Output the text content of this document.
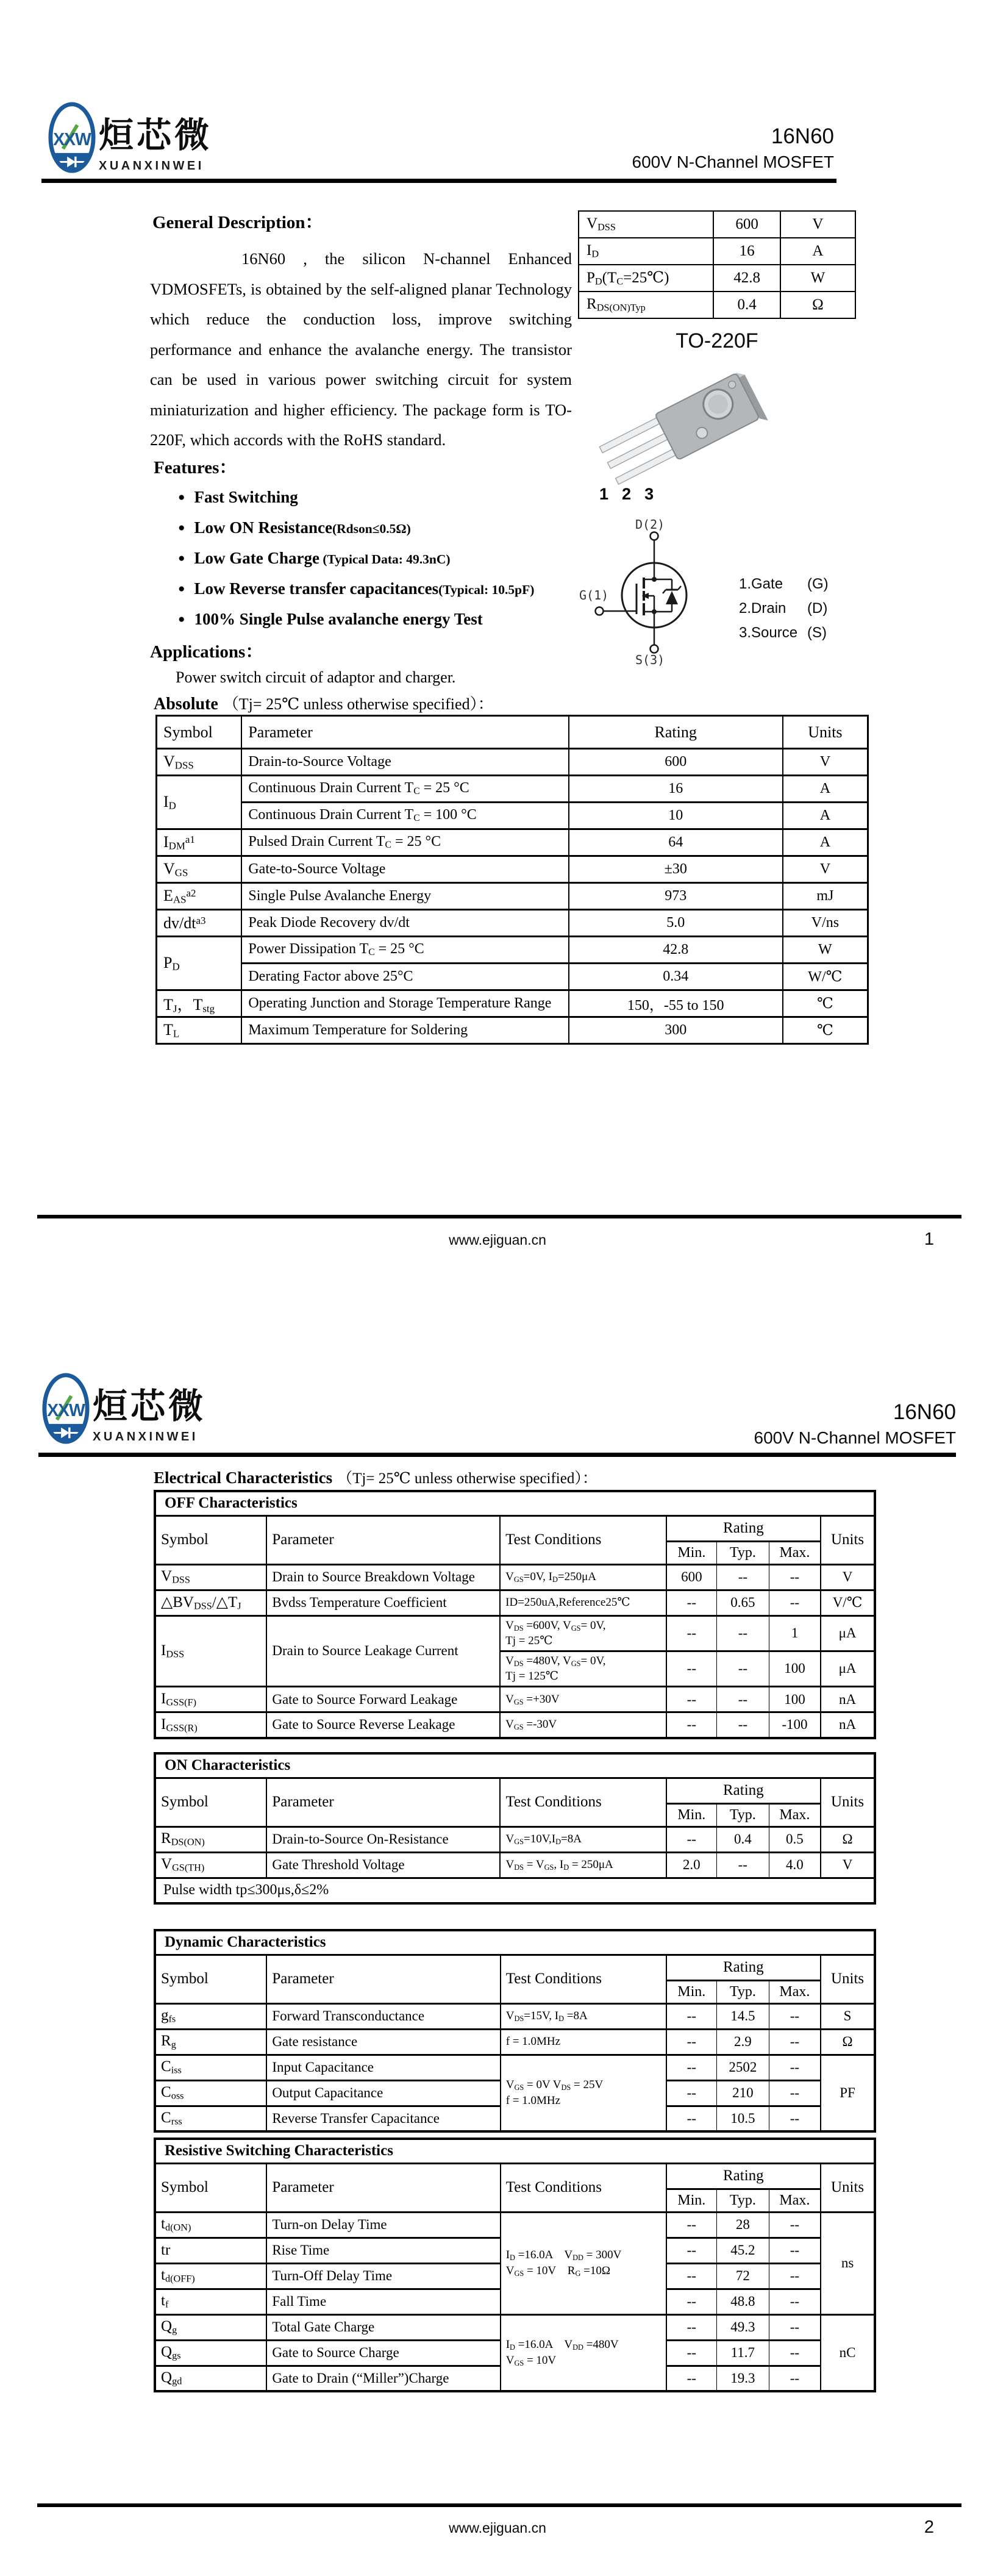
XXW 烜芯微
XUANXINWEI
16N60
600V N-Channel MOSFET
General Description：
16N60 , the silicon N-channel Enhanced VDMOSFETs, is obtained by the self-aligned planar Technology which reduce the conduction loss, improve switching performance and enhance the avalanche energy. The transistor can be used in various power switching circuit for system miniaturization and higher efficiency. The package form is TO-220F, which accords with the RoHS standard.
$V_{DSS}$	600	V
$I_D$	16	A
$P_D(T_C=25℃)$	42.8	W
$R_{DS(ON)Typ}$	0.4	Ω
TO-220F
1 2 3
D(2)
G(1)
S(3)
1.Gate (G)
2.Drain (D)
3.Source (S)
Features：
● Fast Switching
● Low ON Resistance(Rdson≤0.5Ω)
● Low Gate Charge (Typical Data: 49.3nC)
● Low Reverse transfer capacitances(Typical: 10.5pF)
● 100% Single Pulse avalanche energy Test
Applications：
Power switch circuit of adaptor and charger.
Absolute （Tj= 25℃ unless otherwise specified）：
Symbol	Parameter	Rating	Units
$V_{DSS}$	Drain-to-Source Voltage	600	V
$I_D$	Continuous Drain Current $T_C = 25$ °C	16	A
	Continuous Drain Current $T_C = 100$ °C	10	A
$I_{DM}^{a1}$	Pulsed Drain Current $T_C = 25$ °C	64	A
$V_{GS}$	Gate-to-Source Voltage	±30	V
$E_{AS}^{a2}$	Single Pulse Avalanche Energy	973	mJ
$dv/dt^{a3}$	Peak Diode Recovery dv/dt	5.0	V/ns
$P_D$	Power Dissipation $T_C = 25$ °C	42.8	W
	Derating Factor above 25°C	0.34	W/℃
$T_J$，$T_{stg}$	Operating Junction and Storage Temperature Range	150，-55 to 150	℃
$T_L$	Maximum Temperature for Soldering	300	℃
www.ejiguan.cn	1
XXW 烜芯微
XUANXINWEI
16N60
600V N-Channel MOSFET
Electrical Characteristics （Tj= 25℃ unless otherwise specified）：
OFF Characteristics						
Symbol	Parameter	Test Conditions	Rating			Units
			Min.	Typ.	Max.	
$V_{DSS}$	Drain to Source Breakdown Voltage	$V_{GS}=0V$, $I_D=250\mu A$	600	--	--	V
$\triangle BV_{DSS}/\triangle T_J$	Bvdss Temperature Coefficient	ID=250uA,Reference25℃	--	0.65	--	V/℃
$I_{DSS}$	Drain to Source Leakage Current	$V_{DS} =600V$, $V_{GS}= 0V$,
Tj = 25℃	--	--	1	μA
		$V_{DS} =480V$, $V_{GS}= 0V$,
Tj = 125℃	--	--	100	μA
$I_{GSS(F)}$	Gate to Source Forward Leakage	$V_{GS} =+30V$	--	--	100	nA
$I_{GSS(R)}$	Gate to Source Reverse Leakage	$V_{GS} =-30V$	--	--	-100	nA
ON Characteristics						
Symbol	Parameter	Test Conditions	Rating			Units
			Min.	Typ.	Max.	
$R_{DS(ON)}$	Drain-to-Source On-Resistance	$V_{GS}=10V,I_D=8A$	--	0.4	0.5	Ω
$V_{GS(TH)}$	Gate Threshold Voltage	$V_{DS} = V_{GS}$, $I_D = 250\mu A$	2.0	--	4.0	V
Pulse width tp≤300μs,δ≤2%						
Dynamic Characteristics						
Symbol	Parameter	Test Conditions	Rating			Units
			Min.	Typ.	Max.	
$g_{fs}$	Forward Transconductance	$V_{DS}=15V$, $I_D =8A$	--	14.5	--	S
$R_g$	Gate resistance	f = 1.0MHz	--	2.9	--	Ω
$C_{iss}$	Input Capacitance	$V_{GS} = 0V$ $V_{DS} = 25V$
f = 1.0MHz	--	2502	--	PF
$C_{oss}$	Output Capacitance		--	210	--	
$C_{rss}$	Reverse Transfer Capacitance		--	10.5	--	
Resistive Switching Characteristics						
Symbol	Parameter	Test Conditions	Rating			Units
			Min.	Typ.	Max.	
$t_{d(ON)}$	Turn-on Delay Time	$I_D =16.0A$　$V_{DD} = 300V$
$V_{GS} = 10V$　$R_G =10\Omega$	--	28	--	ns
tr	Rise Time		--	45.2	--	
$t_{d(OFF)}$	Turn-Off Delay Time		--	72	--	
$t_f$	Fall Time		--	48.8	--	
$Q_g$	Total Gate Charge	$I_D =16.0A$　$V_{DD} =480V$
$V_{GS} = 10V$	--	49.3	--	nC
$Q_{gs}$	Gate to Source Charge		--	11.7	--	
$Q_{gd}$	Gate to Drain (“Miller”)Charge		--	19.3	--	
www.ejiguan.cn	2
